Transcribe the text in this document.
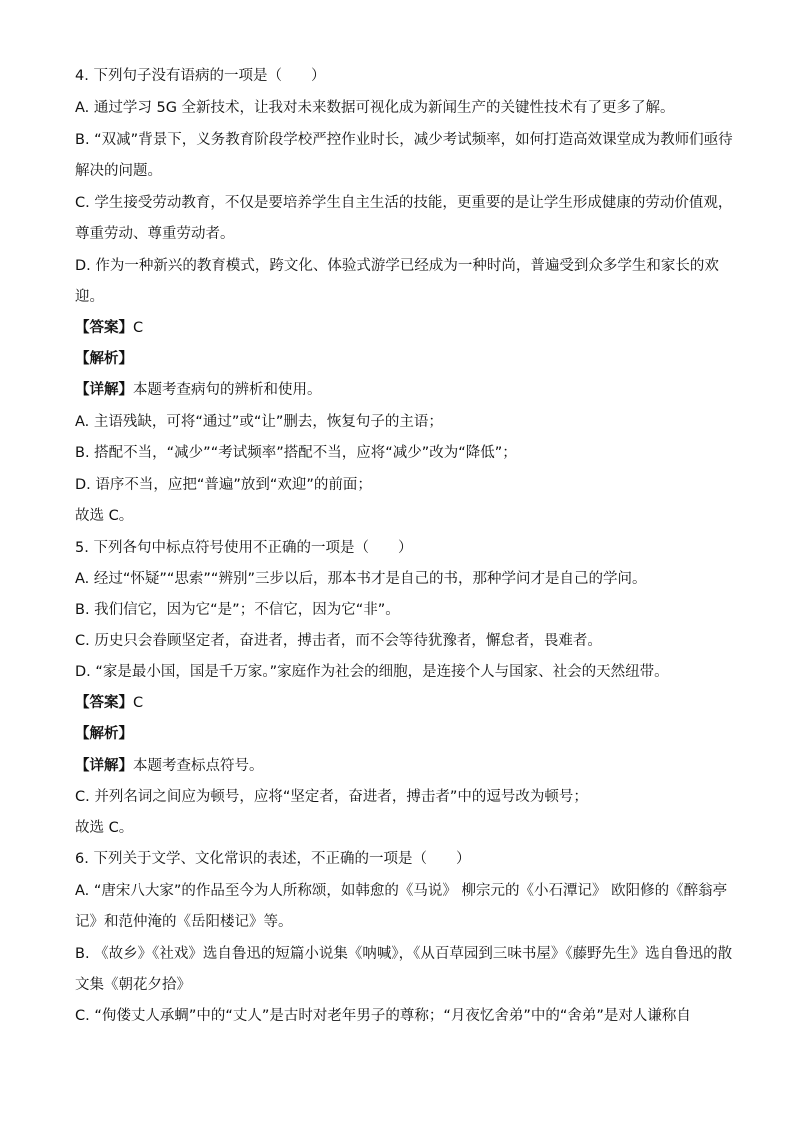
4. 下列句子没有语病的一项是（　　）
A. 通过学习 5G 全新技术，让我对未来数据可视化成为新闻生产的关键性技术有了更多了解。
B. “双减”背景下，义务教育阶段学校严控作业时长，减少考试频率，如何打造高效课堂成为教师们亟待
解决的问题。
C. 学生接受劳动教育，不仅是要培养学生自主生活的技能，更重要的是让学生形成健康的劳动价值观，
尊重劳动、尊重劳动者。
D. 作为一种新兴的教育模式，跨文化、体验式游学已经成为一种时尚，普遍受到众多学生和家长的欢
迎。
【答案】C
【解析】
【详解】本题考查病句的辨析和使用。
A. 主语残缺，可将“通过”或“让”删去，恢复句子的主语；
B. 搭配不当，“减少”“考试频率”搭配不当，应将“减少”改为“降低”；
D. 语序不当，应把“普遍”放到“欢迎”的前面；
故选 C。
5. 下列各句中标点符号使用不正确的一项是（　　）
A. 经过“怀疑”“思索”“辨别”三步以后，那本书才是自己的书，那种学问才是自己的学问。
B. 我们信它，因为它“是”；不信它，因为它“非”。
C. 历史只会眷顾坚定者，奋进者，搏击者，而不会等待犹豫者，懈怠者，畏难者。
D. “家是最小国，国是千万家。”家庭作为社会的细胞，是连接个人与国家、社会的天然纽带。
【答案】C
【解析】
【详解】本题考查标点符号。
C. 并列名词之间应为顿号，应将“坚定者，奋进者，搏击者”中的逗号改为顿号；
故选 C。
6. 下列关于文学、文化常识的表述，不正确的一项是（　　）
A. “唐宋八大家”的作品至今为人所称颂，如韩愈的《马说》 柳宗元的《小石潭记》 欧阳修的《醉翁亭
记》和范仲淹的《岳阳楼记》等。
B. 《故乡》《社戏》选自鲁迅的短篇小说集《呐喊》，《从百草园到三味书屋》《藤野先生》选自鲁迅的散
文集《朝花夕拾》
C. “佝偻丈人承蜩”中的“丈人”是古时对老年男子的尊称；“月夜忆舍弟”中的“舍弟”是对人谦称自
